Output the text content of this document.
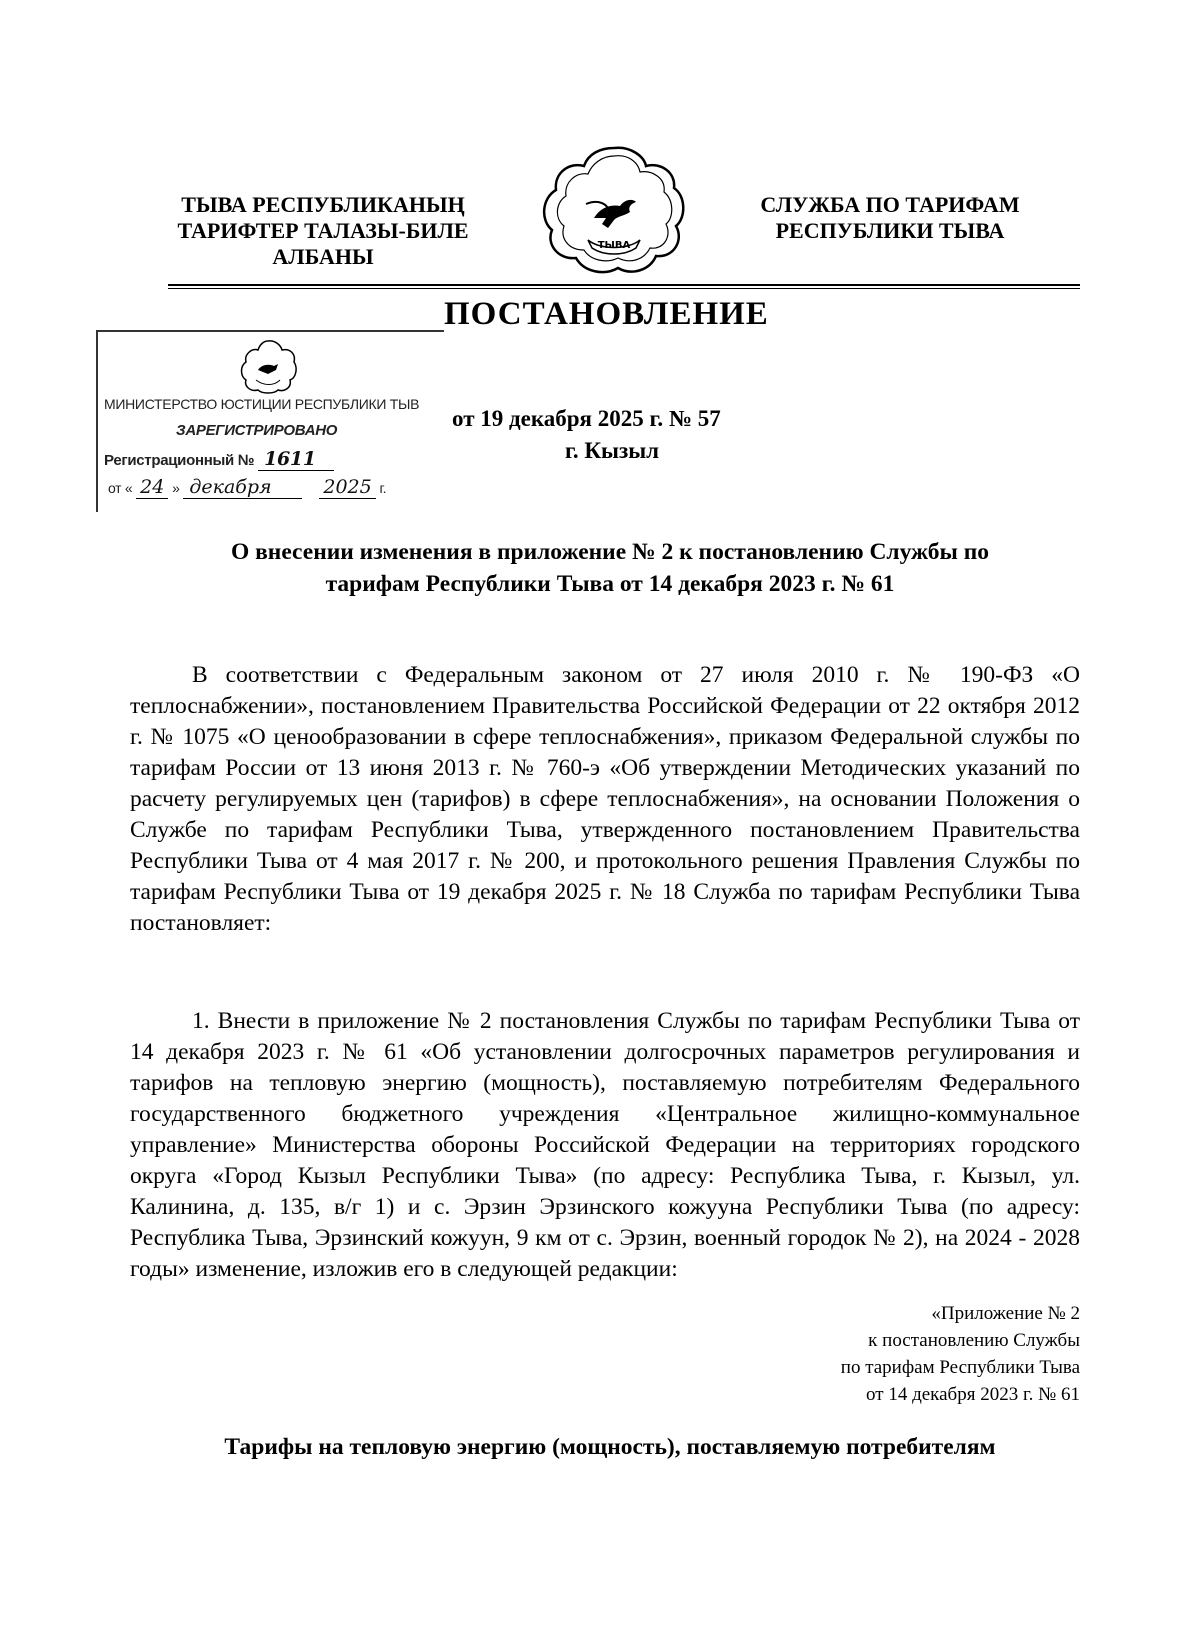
ТЫВА РЕСПУБЛИКАНЫҢ
ТАРИФТЕР ТАЛАЗЫ-БИЛЕ
АЛБАНЫ	ТЫВА
СЛУЖБА ПО ТАРИФАМ
РЕСПУБЛИКИ ТЫВА
ПОСТАНОВЛЕНИЕ
МИНИСТЕРСТВО ЮСТИЦИИ РЕСПУБЛИКИ ТЫВ
ЗАРЕГИСТРИРОВАНО
Регистрационный № 1611
от « 24 » декабря	2025 г.
от 19 декабря 2025 г. № 57
г. Кызыл
О внесении изменения в приложение № 2 к постановлению Службы по
тарифам Республики Тыва от 14 декабря 2023 г. № 61
В соответствии с Федеральным законом от 27 июля 2010 г. № 190-ФЗ «О теплоснабжении», постановлением Правительства Российской Федерации от 22 октября 2012 г. № 1075 «О ценообразовании в сфере теплоснабжения», приказом Федеральной службы по тарифам России от 13 июня 2013 г. № 760-э «Об утверждении Методических указаний по расчету регулируемых цен (тарифов) в сфере теплоснабжения», на основании Положения о Службе по тарифам Республики Тыва, утвержденного постановлением Правительства Республики Тыва от 4 мая 2017 г. № 200, и протокольного решения Правления Службы по тарифам Республики Тыва от 19 декабря 2025 г. № 18 Служба по тарифам Республики Тыва постановляет:
1. Внести в приложение № 2 постановления Службы по тарифам Республики Тыва от 14 декабря 2023 г. № 61 «Об установлении долгосрочных параметров регулирования и тарифов на тепловую энергию (мощность), поставляемую потребителям Федерального государственного бюджетного учреждения «Центральное жилищно-коммунальное управление» Министерства обороны Российской Федерации на территориях городского округа «Город Кызыл Республики Тыва» (по адресу: Республика Тыва, г. Кызыл, ул. Калинина, д. 135, в/г 1) и с. Эрзин Эрзинского кожууна Республики Тыва (по адресу: Республика Тыва, Эрзинский кожуун, 9 км от с. Эрзин, военный городок № 2), на 2024 - 2028 годы» изменение, изложив его в следующей редакции:
«Приложение № 2
к постановлению Службы
по тарифам Республики Тыва
от 14 декабря 2023 г. № 61
Тарифы на тепловую энергию (мощность), поставляемую потребителям
